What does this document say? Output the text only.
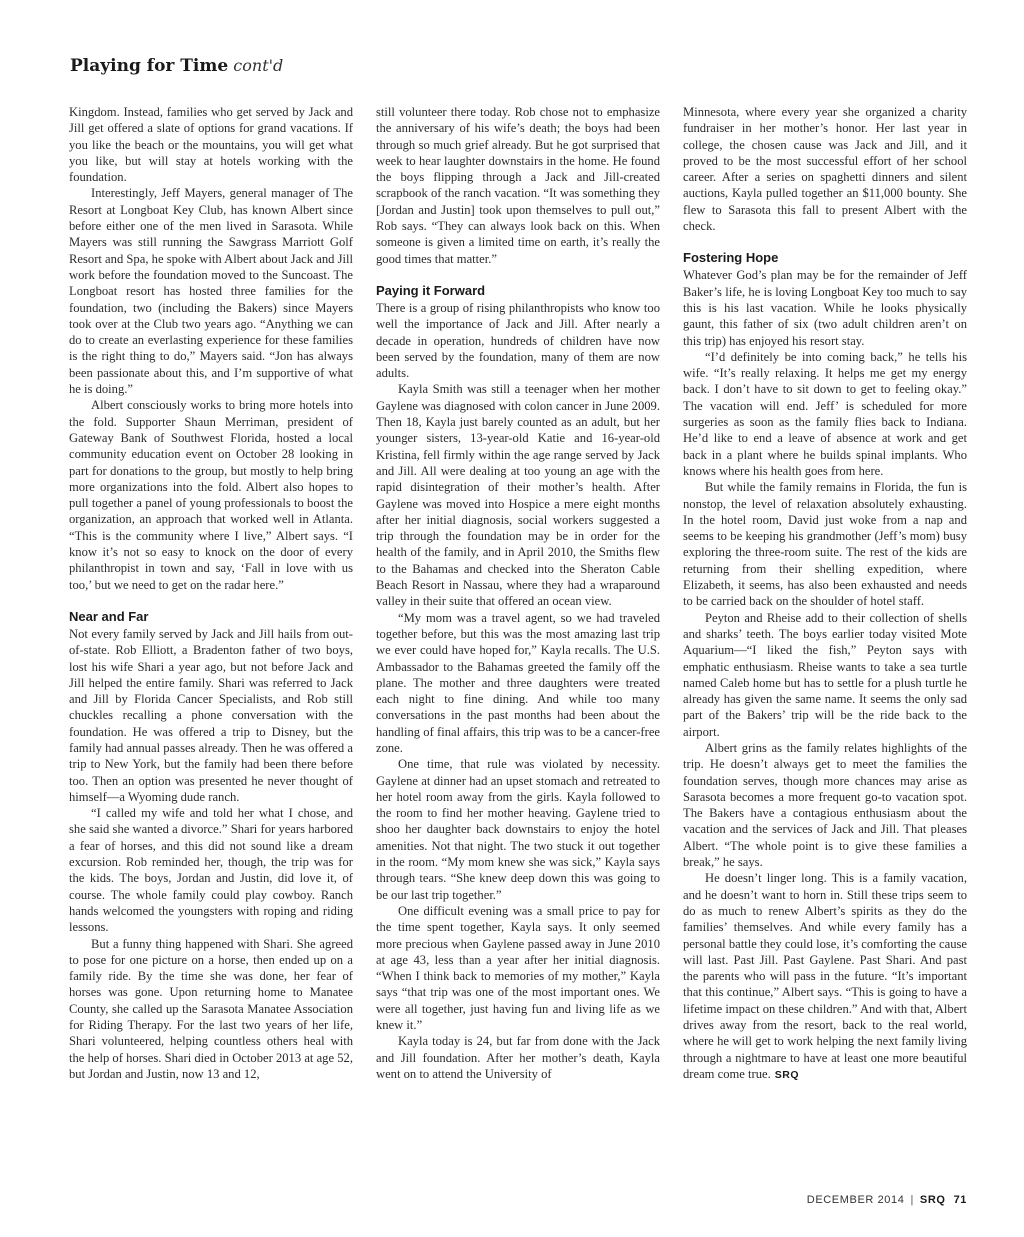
Playing for Time cont'd

Kingdom. Instead, families who get served by Jack and Jill get offered a slate of options for grand vacations. If you like the beach or the mountains, you will get what you like, but will stay at hotels working with the foundation.

Interestingly, Jeff Mayers, general manager of The Resort at Longboat Key Club, has known Albert since before either one of the men lived in Sarasota. While Mayers was still running the Sawgrass Marriott Golf Resort and Spa, he spoke with Albert about Jack and Jill work before the foundation moved to the Suncoast. The Longboat resort has hosted three families for the foundation, two (including the Bakers) since Mayers took over at the Club two years ago. “Anything we can do to create an everlasting experience for these families is the right thing to do,” Mayers said. “Jon has always been passionate about this, and I’m supportive of what he is doing.”

Albert consciously works to bring more hotels into the fold. Supporter Shaun Merriman, president of Gateway Bank of Southwest Florida, hosted a local community education event on October 28 looking in part for donations to the group, but mostly to help bring more organizations into the fold. Albert also hopes to pull together a panel of young professionals to boost the organization, an approach that worked well in Atlanta. “This is the community where I live,” Albert says. “I know it’s not so easy to knock on the door of every philanthropist in town and say, ‘Fall in love with us too,’ but we need to get on the radar here.”

Near and Far

Not every family served by Jack and Jill hails from out-of-state. Rob Elliott, a Bradenton father of two boys, lost his wife Shari a year ago, but not before Jack and Jill helped the entire family. Shari was referred to Jack and Jill by Florida Cancer Specialists, and Rob still chuckles recalling a phone conversation with the foundation. He was offered a trip to Disney, but the family had annual passes already. Then he was offered a trip to New York, but the family had been there before too. Then an option was presented he never thought of himself—a Wyoming dude ranch.

“I called my wife and told her what I chose, and she said she wanted a divorce.” Shari for years harbored a fear of horses, and this did not sound like a dream excursion. Rob reminded her, though, the trip was for the kids. The boys, Jordan and Justin, did love it, of course. The whole family could play cowboy. Ranch hands welcomed the youngsters with roping and riding lessons.

But a funny thing happened with Shari. She agreed to pose for one picture on a horse, then ended up on a family ride. By the time she was done, her fear of horses was gone. Upon returning home to Manatee County, she called up the Sarasota Manatee Association for Riding Therapy. For the last two years of her life, Shari volunteered, helping countless others heal with the help of horses. Shari died in October 2013 at age 52, but Jordan and Justin, now 13 and 12,

still volunteer there today. Rob chose not to emphasize the anniversary of his wife’s death; the boys had been through so much grief already. But he got surprised that week to hear laughter downstairs in the home. He found the boys flipping through a Jack and Jill-created scrapbook of the ranch vacation. “It was something they [Jordan and Justin] took upon themselves to pull out,” Rob says. “They can always look back on this. When someone is given a limited time on earth, it’s really the good times that matter.”

Paying it Forward

There is a group of rising philanthropists who know too well the importance of Jack and Jill. After nearly a decade in operation, hundreds of children have now been served by the foundation, many of them are now adults.

Kayla Smith was still a teenager when her mother Gaylene was diagnosed with colon cancer in June 2009. Then 18, Kayla just barely counted as an adult, but her younger sisters, 13-year-old Katie and 16-year-old Kristina, fell firmly within the age range served by Jack and Jill. All were dealing at too young an age with the rapid disintegration of their mother’s health. After Gaylene was moved into Hospice a mere eight months after her initial diagnosis, social workers suggested a trip through the foundation may be in order for the health of the family, and in April 2010, the Smiths flew to the Bahamas and checked into the Sheraton Cable Beach Resort in Nassau, where they had a wraparound valley in their suite that offered an ocean view.

“My mom was a travel agent, so we had traveled together before, but this was the most amazing last trip we ever could have hoped for,” Kayla recalls. The U.S. Ambassador to the Bahamas greeted the family off the plane. The mother and three daughters were treated each night to fine dining. And while too many conversations in the past months had been about the handling of final affairs, this trip was to be a cancer-free zone.

One time, that rule was violated by necessity. Gaylene at dinner had an upset stomach and retreated to her hotel room away from the girls. Kayla followed to the room to find her mother heaving. Gaylene tried to shoo her daughter back downstairs to enjoy the hotel amenities. Not that night. The two stuck it out together in the room. “My mom knew she was sick,” Kayla says through tears. “She knew deep down this was going to be our last trip together.”

One difficult evening was a small price to pay for the time spent together, Kayla says. It only seemed more precious when Gaylene passed away in June 2010 at age 43, less than a year after her initial diagnosis. “When I think back to memories of my mother,” Kayla says “that trip was one of the most important ones. We were all together, just having fun and living life as we knew it.”

Kayla today is 24, but far from done with the Jack and Jill foundation. After her mother’s death, Kayla went on to attend the University of

Minnesota, where every year she organized a charity fundraiser in her mother’s honor. Her last year in college, the chosen cause was Jack and Jill, and it proved to be the most successful effort of her school career. After a series on spaghetti dinners and silent auctions, Kayla pulled together an $11,000 bounty. She flew to Sarasota this fall to present Albert with the check.

Fostering Hope

Whatever God’s plan may be for the remainder of Jeff Baker’s life, he is loving Longboat Key too much to say this is his last vacation. While he looks physically gaunt, this father of six (two adult children aren’t on this trip) has enjoyed his resort stay.

“I’d definitely be into coming back,” he tells his wife. “It’s really relaxing. It helps me get my energy back. I don’t have to sit down to get to feeling okay.” The vacation will end. Jeff’ is scheduled for more surgeries as soon as the family flies back to Indiana. He’d like to end a leave of absence at work and get back in a plant where he builds spinal implants. Who knows where his health goes from here.

But while the family remains in Florida, the fun is nonstop, the level of relaxation absolutely exhausting. In the hotel room, David just woke from a nap and seems to be keeping his grandmother (Jeff’s mom) busy exploring the three-room suite. The rest of the kids are returning from their shelling expedition, where Elizabeth, it seems, has also been exhausted and needs to be carried back on the shoulder of hotel staff.

Peyton and Rheise add to their collection of shells and sharks’ teeth. The boys earlier today visited Mote Aquarium—“I liked the fish,” Peyton says with emphatic enthusiasm. Rheise wants to take a sea turtle named Caleb home but has to settle for a plush turtle he already has given the same name. It seems the only sad part of the Bakers’ trip will be the ride back to the airport.

Albert grins as the family relates highlights of the trip. He doesn’t always get to meet the families the foundation serves, though more chances may arise as Sarasota becomes a more frequent go-to vacation spot. The Bakers have a contagious enthusiasm about the vacation and the services of Jack and Jill. That pleases Albert. “The whole point is to give these families a break,” he says.

He doesn’t linger long. This is a family vacation, and he doesn’t want to horn in. Still these trips seem to do as much to renew Albert’s spirits as they do the families’ themselves. And while every family has a personal battle they could lose, it’s comforting the cause will last. Past Jill. Past Gaylene. Past Shari. And past the parents who will pass in the future. “It’s important that this continue,” Albert says. “This is going to have a lifetime impact on these children.” And with that, Albert drives away from the resort, back to the real world, where he will get to work helping the next family living through a nightmare to have at least one more beautiful dream come true. SRQ

DECEMBER 2014 | SRQ 71
